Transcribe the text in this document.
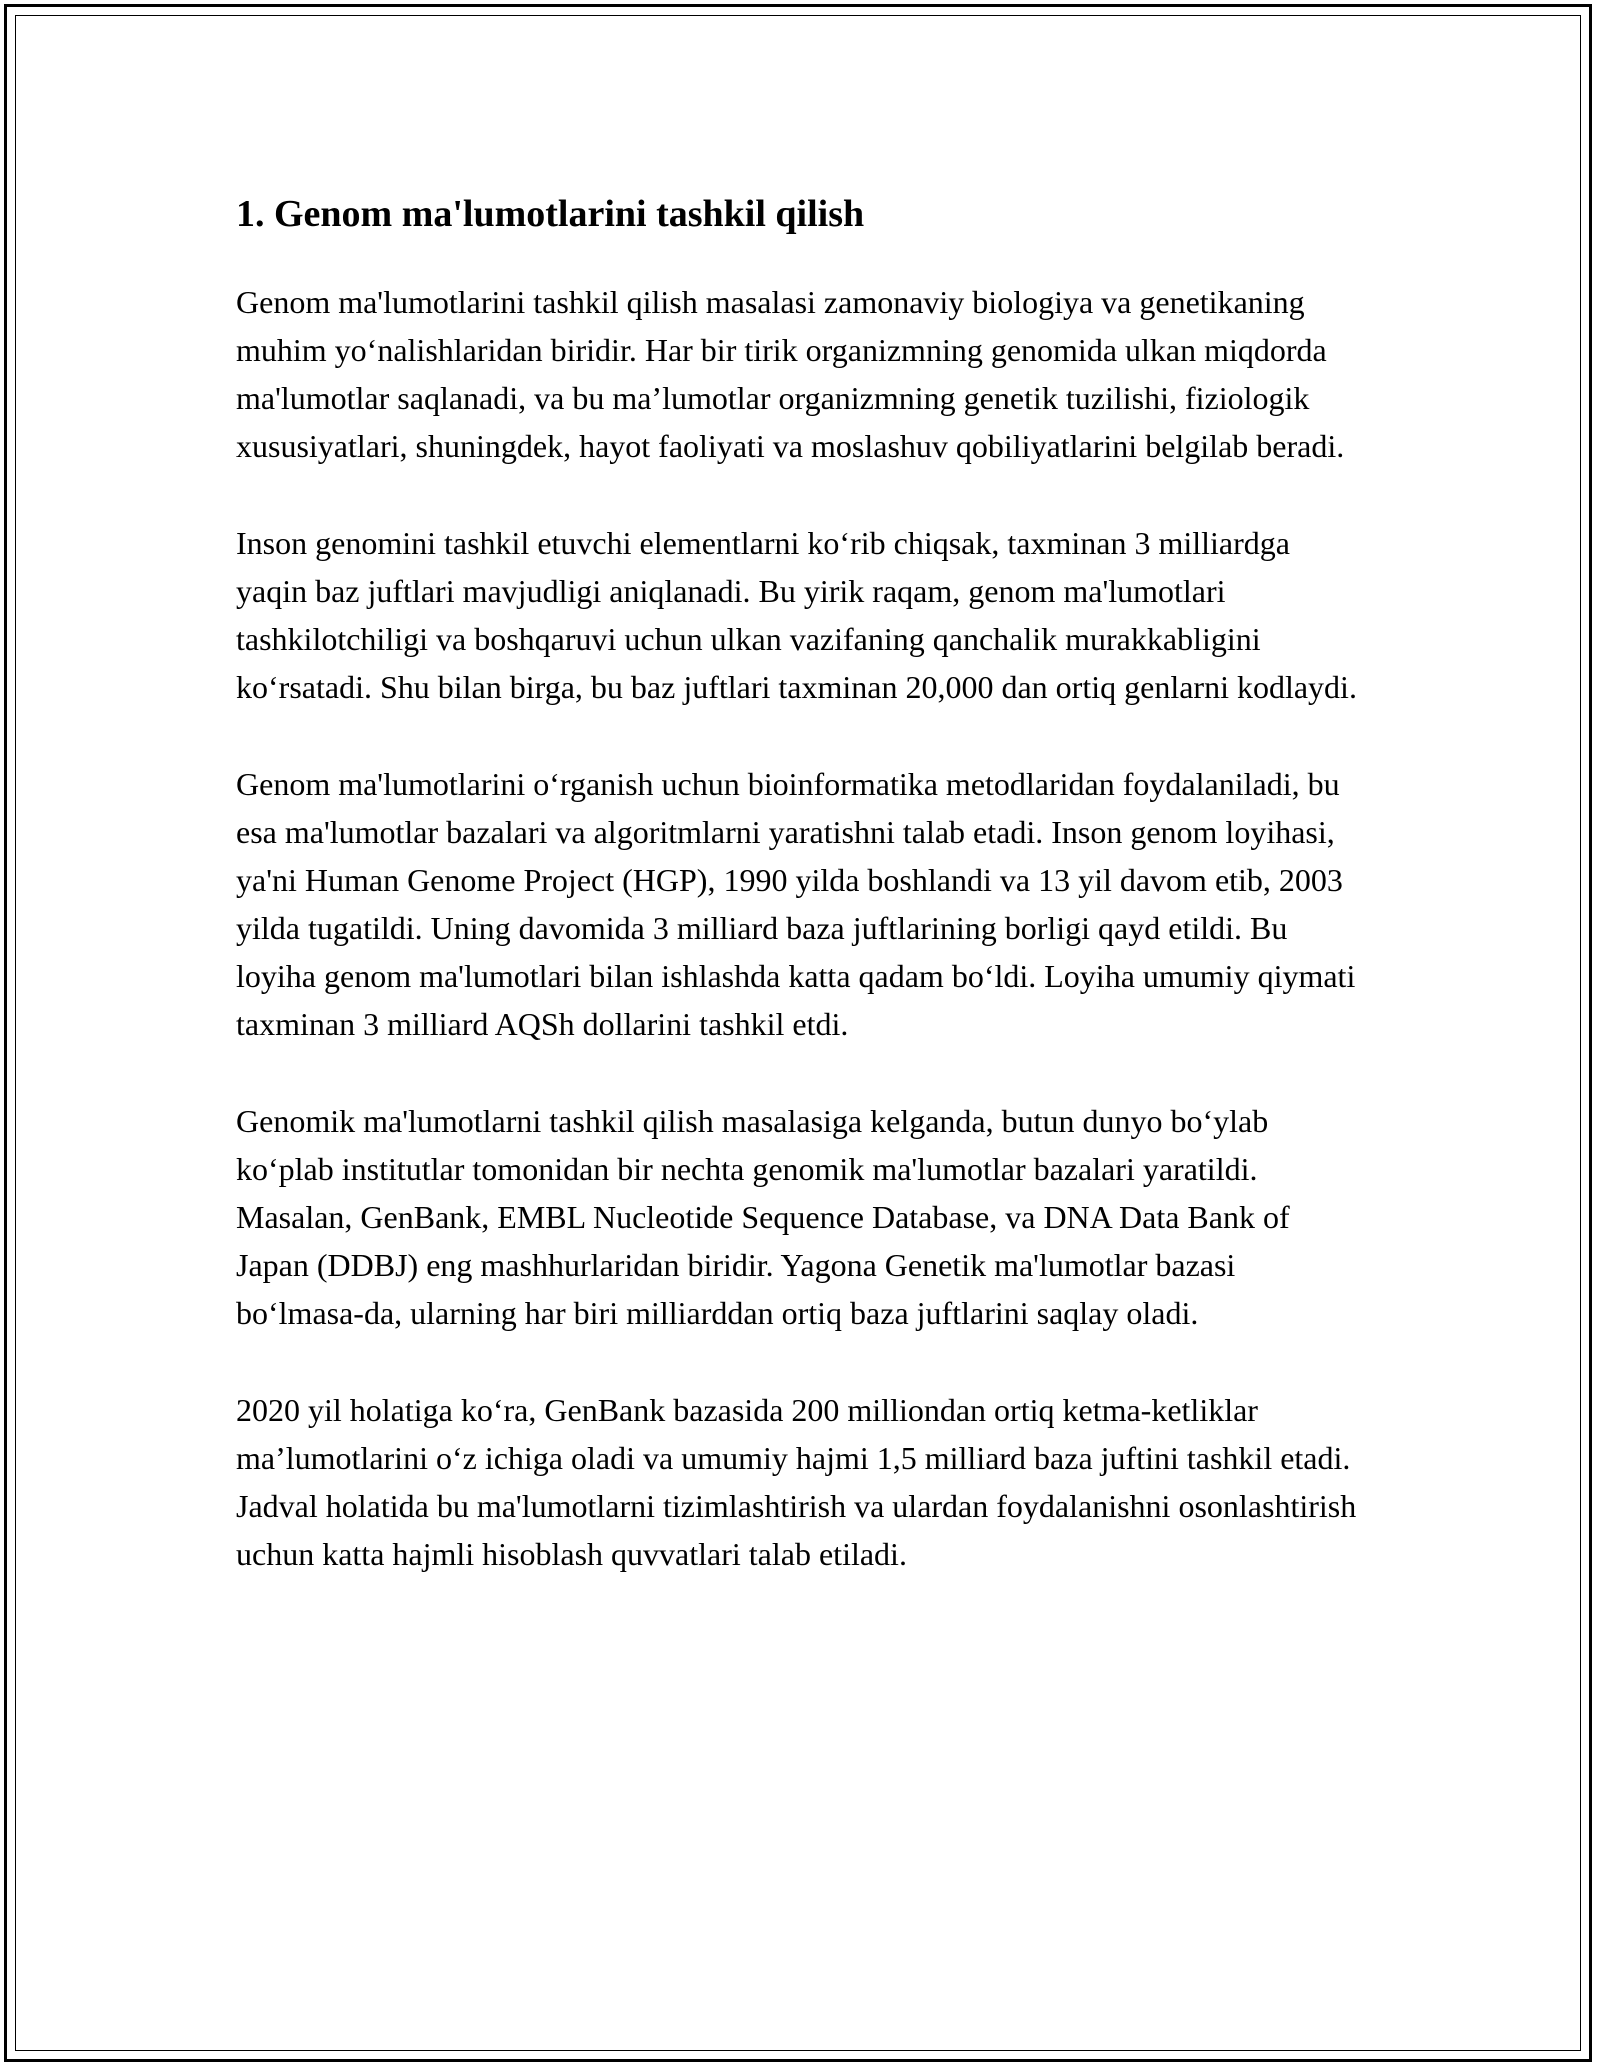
1. Genom ma'lumotlarini tashkil qilish

Genom ma'lumotlarini tashkil qilish masalasi zamonaviy biologiya va genetikaning muhim yo‘nalishlaridan biridir. Har bir tirik organizmning genomida ulkan miqdorda ma'lumotlar saqlanadi, va bu ma’lumotlar organizmning genetik tuzilishi, fiziologik xususiyatlari, shuningdek, hayot faoliyati va moslashuv qobiliyatlarini belgilab beradi.

Inson genomini tashkil etuvchi elementlarni ko‘rib chiqsak, taxminan 3 milliardga yaqin baz juftlari mavjudligi aniqlanadi. Bu yirik raqam, genom ma'lumotlari tashkilotchiligi va boshqaruvi uchun ulkan vazifaning qanchalik murakkabligini ko‘rsatadi. Shu bilan birga, bu baz juftlari taxminan 20,000 dan ortiq genlarni kodlaydi.

Genom ma'lumotlarini o‘rganish uchun bioinformatika metodlaridan foydalaniladi, bu esa ma'lumotlar bazalari va algoritmlarni yaratishni talab etadi. Inson genom loyihasi, ya'ni Human Genome Project (HGP), 1990 yilda boshlandi va 13 yil davom etib, 2003 yilda tugatildi. Uning davomida 3 milliard baza juftlarining borligi qayd etildi. Bu loyiha genom ma'lumotlari bilan ishlashda katta qadam bo‘ldi. Loyiha umumiy qiymati taxminan 3 milliard AQSh dollarini tashkil etdi.

Genomik ma'lumotlarni tashkil qilish masalasiga kelganda, butun dunyo bo‘ylab ko‘plab institutlar tomonidan bir nechta genomik ma'lumotlar bazalari yaratildi. Masalan, GenBank, EMBL Nucleotide Sequence Database, va DNA Data Bank of Japan (DDBJ) eng mashhurlaridan biridir. Yagona Genetik ma'lumotlar bazasi bo‘lmasa-da, ularning har biri milliarddan ortiq baza juftlarini saqlay oladi.

2020 yil holatiga ko‘ra, GenBank bazasida 200 milliondan ortiq ketma-ketliklar ma’lumotlarini o‘z ichiga oladi va umumiy hajmi 1,5 milliard baza juftini tashkil etadi. Jadval holatida bu ma'lumotlarni tizimlashtirish va ulardan foydalanishni osonlashtirish uchun katta hajmli hisoblash quvvatlari talab etiladi.
